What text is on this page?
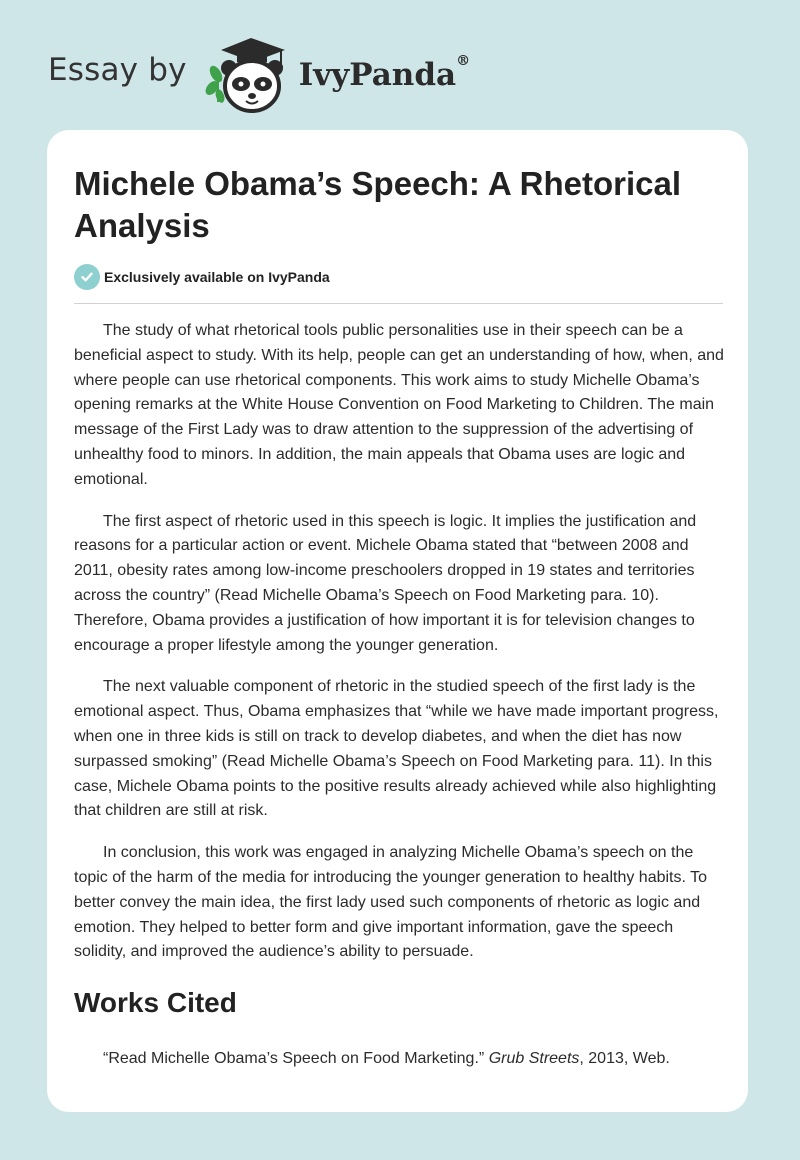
Essay by	IvyPanda®
Michele Obama’s Speech: A Rhetorical Analysis
Exclusively available on IvyPanda

The study of what rhetorical tools public personalities use in their speech can be a beneficial aspect to study. With its help, people can get an understanding of how, when, and where people can use rhetorical components. This work aims to study Michelle Obama’s opening remarks at the White House Convention on Food Marketing to Children. The main message of the First Lady was to draw attention to the suppression of the advertising of unhealthy food to minors. In addition, the main appeals that Obama uses are logic and emotional.

The first aspect of rhetoric used in this speech is logic. It implies the justification and reasons for a particular action or event. Michele Obama stated that “between 2008 and 2011, obesity rates among low-income preschoolers dropped in 19 states and territories across the country” (Read Michelle Obama’s Speech on Food Marketing para. 10). Therefore, Obama provides a justification of how important it is for television changes to encourage a proper lifestyle among the younger generation.

The next valuable component of rhetoric in the studied speech of the first lady is the emotional aspect. Thus, Obama emphasizes that “while we have made important progress, when one in three kids is still on track to develop diabetes, and when the diet has now surpassed smoking” (Read Michelle Obama’s Speech on Food Marketing para. 11). In this case, Michele Obama points to the positive results already achieved while also highlighting that children are still at risk.

In conclusion, this work was engaged in analyzing Michelle Obama’s speech on the topic of the harm of the media for introducing the younger generation to healthy habits. To better convey the main idea, the first lady used such components of rhetoric as logic and emotion. They helped to better form and give important information, gave the speech solidity, and improved the audience’s ability to persuade.

Works Cited

“Read Michelle Obama’s Speech on Food Marketing.” Grub Streets, 2013, Web.
